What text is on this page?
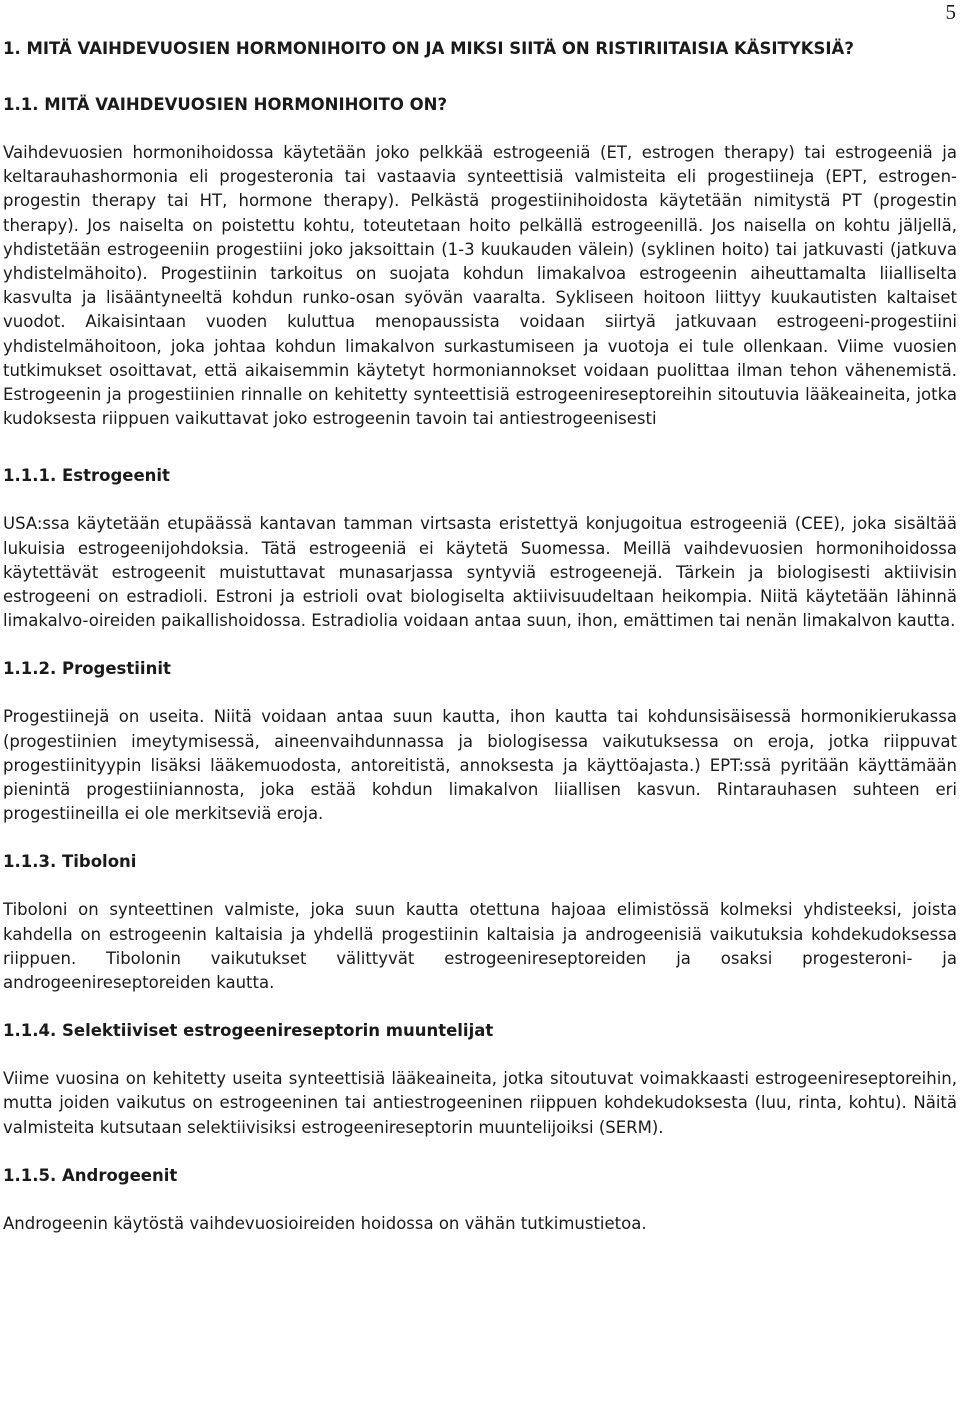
5
1. MITÄ VAIHDEVUOSIEN HORMONIHOITO ON JA MIKSI SIITÄ ON RISTIRIITAISIA KÄSITYKSIÄ?
1.1. MITÄ VAIHDEVUOSIEN HORMONIHOITO ON?

Vaihdevuosien hormonihoidossa käytetään joko pelkkää estrogeeniä (ET, estrogen therapy) tai estrogeeniä ja keltarauhashormonia eli progesteronia tai vastaavia synteettisiä valmisteita eli progestiineja (EPT, estrogen-progestin therapy tai HT, hormone therapy). Pelkästä progestiinihoidosta käytetään nimitystä PT (progestin therapy). Jos naiselta on poistettu kohtu, toteutetaan hoito pelkällä estrogeenillä. Jos naisella on kohtu jäljellä, yhdistetään estrogeeniin progestiini joko jaksoittain (1-3 kuukauden välein) (syklinen hoito) tai jatkuvasti (jatkuva yhdistelmähoito). Progestiinin tarkoitus on suojata kohdun limakalvoa estrogeenin aiheuttamalta liialliselta kasvulta ja lisääntyneeltä kohdun runko-osan syövän vaaralta. Sykliseen hoitoon liittyy kuukautisten kaltaiset vuodot. Aikaisintaan vuoden kuluttua menopaussista voidaan siirtyä jatkuvaan estrogeeni-progestiini yhdistelmähoitoon, joka johtaa kohdun limakalvon surkastumiseen ja vuotoja ei tule ollenkaan. Viime vuosien tutkimukset osoittavat, että aikaisemmin käytetyt hormoniannokset voidaan puolittaa ilman tehon vähenemistä. Estrogeenin ja progestiinien rinnalle on kehitetty synteettisiä estrogeenireseptoreihin sitoutuvia lääkeaineita, jotka kudoksesta riippuen vaikuttavat joko estrogeenin tavoin tai antiestrogeenisesti

1.1.1. Estrogeenit

USA:ssa käytetään etupäässä kantavan tamman virtsasta eristettyä konjugoitua estrogeeniä (CEE), joka sisältää lukuisia estrogeenijohdoksia. Tätä estrogeeniä ei käytetä Suomessa. Meillä vaihdevuosien hormonihoidossa käytettävät estrogeenit muistuttavat munasarjassa syntyviä estrogeenejä. Tärkein ja biologisesti aktiivisin estrogeeni on estradioli. Estroni ja estrioli ovat biologiselta aktiivisuudeltaan heikompia. Niitä käytetään lähinnä limakalvo-oireiden paikallishoidossa. Estradiolia voidaan antaa suun, ihon, emättimen tai nenän limakalvon kautta.

1.1.2. Progestiinit

Progestiinejä on useita. Niitä voidaan antaa suun kautta, ihon kautta tai kohdunsisäisessä hormonikierukassa (progestiinien imeytymisessä, aineenvaihdunnassa ja biologisessa vaikutuksessa on eroja, jotka riippuvat progestiinityypin lisäksi lääkemuodosta, antoreitistä, annoksesta ja käyttöajasta.) EPT:ssä pyritään käyttämään pienintä progestiiniannosta, joka estää kohdun limakalvon liiallisen kasvun. Rintarauhasen suhteen eri progestiineilla ei ole merkitseviä eroja.

1.1.3. Tiboloni

Tiboloni on synteettinen valmiste, joka suun kautta otettuna hajoaa elimistössä kolmeksi yhdisteeksi, joista kahdella on estrogeenin kaltaisia ja yhdellä progestiinin kaltaisia ja androgeenisiä vaikutuksia kohdekudoksessa riippuen. Tibolonin vaikutukset välittyvät estrogeenireseptoreiden ja osaksi progesteroni- ja androgeenireseptoreiden kautta.

1.1.4. Selektiiviset estrogeenireseptorin muuntelijat

Viime vuosina on kehitetty useita synteettisiä lääkeaineita, jotka sitoutuvat voimakkaasti estrogeenireseptoreihin, mutta joiden vaikutus on estrogeeninen tai antiestrogeeninen riippuen kohdekudoksesta (luu, rinta, kohtu). Näitä valmisteita kutsutaan selektiivisiksi estrogeenireseptorin muuntelijoiksi (SERM).

1.1.5. Androgeenit

Androgeenin käytöstä vaihdevuosioireiden hoidossa on vähän tutkimustietoa.
